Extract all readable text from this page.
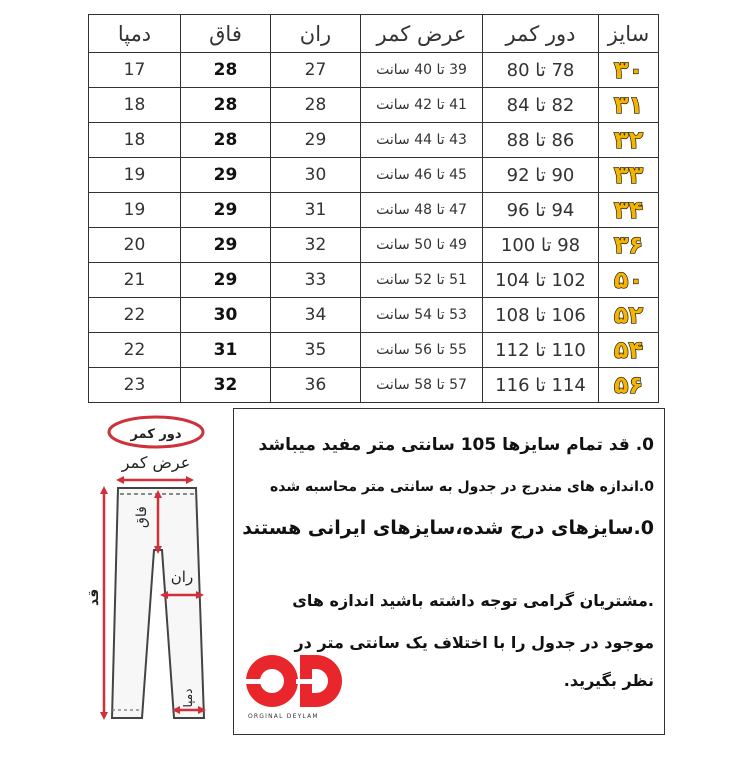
سایز	دور کمر	عرض کمر	ران	فاق	دمپا
۳۰	78 تا 80	39 تا 40 سانت	27	28	17
۳۱	82 تا 84	41 تا 42 سانت	28	28	18
۳۲	86 تا 88	43 تا 44 سانت	29	28	18
۳۳	90 تا 92	45 تا 46 سانت	30	29	19
۳۴	94 تا 96	47 تا 48 سانت	31	29	19
۳۶	98 تا 100	49 تا 50 سانت	32	29	20
۵۰	102 تا 104	51 تا 52 سانت	33	29	21
۵۲	106 تا 108	53 تا 54 سانت	34	30	22
۵۴	110 تا 112	55 تا 56 سانت	35	31	22
۵۶	114 تا 116	57 تا 58 سانت	36	32	23
دور کمر
عرض کمر
فاق
ران
قد
دمپا
0. قد تمام سایزها 105 سانتی متر مفید میباشد
0.اندازه های مندرج در جدول به سانتی متر محاسبه شده
0.سایزهای درج شده،سایزهای ایرانی هستند
.مشتریان گرامی توجه داشته باشید اندازه های
موجود در جدول را با اختلاف یک سانتی متر در
نظر بگیرید.
ORGINAL DEYLAM
